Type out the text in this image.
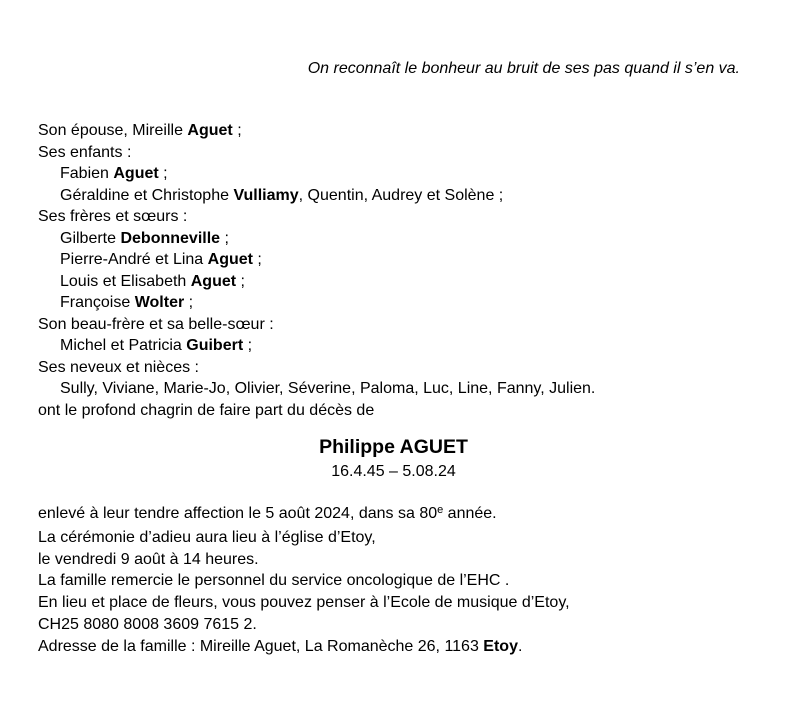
On reconnaît le bonheur au bruit de ses pas quand il s’en va.
Son épouse, Mireille Aguet ;
Ses enfants :
Fabien Aguet ;
Géraldine et Christophe Vulliamy, Quentin, Audrey et Solène ;
Ses frères et sœurs :
Gilberte Debonneville ;
Pierre-André et Lina Aguet ;
Louis et Elisabeth Aguet ;
Françoise Wolter ;
Son beau-frère et sa belle-sœur :
Michel et Patricia Guibert ;
Ses neveux et nièces :
Sully, Viviane, Marie-Jo, Olivier, Séverine, Paloma, Luc, Line, Fanny, Julien.
ont le profond chagrin de faire part du décès de
Philippe AGUET
16.4.45 – 5.08.24
enlevé à leur tendre affection le 5 août 2024, dans sa 80e année.
La cérémonie d’adieu aura lieu à l’église d’Etoy,
le vendredi 9 août à 14 heures.
La famille remercie le personnel du service oncologique de l’EHC .
En lieu et place de fleurs, vous pouvez penser à l’Ecole de musique d’Etoy,
CH25 8080 8008 3609 7615 2.
Adresse de la famille : Mireille Aguet, La Romanèche 26, 1163 Etoy.
